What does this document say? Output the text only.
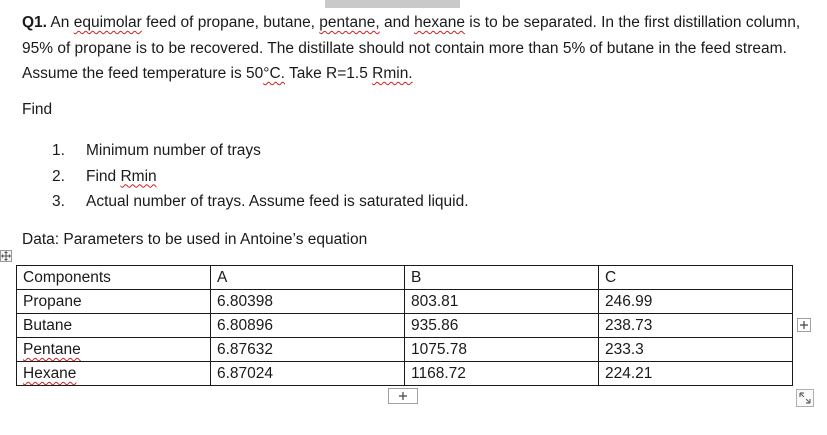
Q1. An equimolar feed of propane, butane, pentane, and hexane is to be separated. In the first distillation column, 95% of propane is to be recovered. The distillate should not contain more than 5% of butane in the feed stream. Assume the feed temperature is 50°C. Take R=1.5 Rmin.
Find
1.	Minimum number of trays
2.	Find Rmin
3.	Actual number of trays. Assume feed is saturated liquid.
Data: Parameters to be used in Antoine’s equation
Components	A	B	C
Propane	6.80398	803.81	246.99
Butane	6.80896	935.86	238.73
Pentane	6.87632	1075.78	233.3
Hexane	6.87024	1168.72	224.21
